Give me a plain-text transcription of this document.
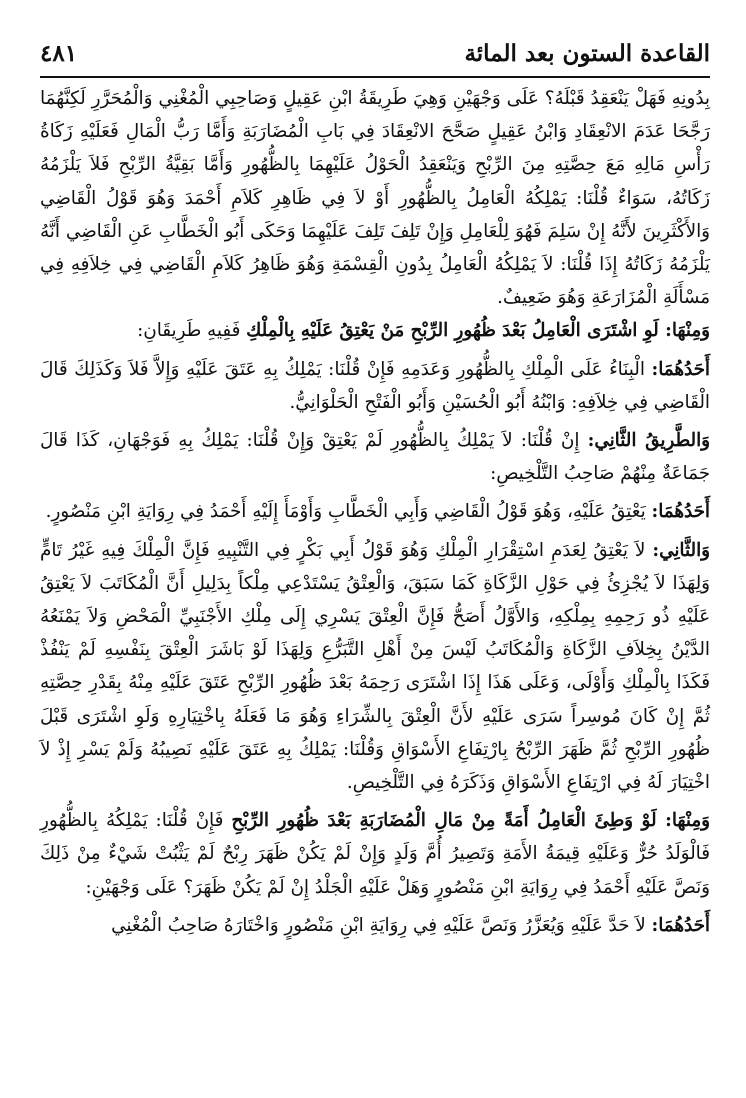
القاعدة الستون بعد المائة
٤٨١

بِدُونِهِ فَهَلْ يَنْعَقِدُ قَبْلَهُ؟ عَلَى وَجْهَيْنِ وَهِيَ طَرِيقَةُ ابْنِ عَقِيلٍ وَصَاحِبِي الْمُغْنِي وَالْمُحَرَّرِ لَكِنَّهُمَا رَجَّحَا عَدَمَ الانْعِقَادِ وَابْنُ عَقِيلٍ صَحَّحَ الانْعِقَادَ فِي بَابِ الْمُضَارَبَةِ وَأَمَّا رَبُّ الْمَالِ فَعَلَيْهِ زَكَاةُ رَأْسِ مَالِهِ مَعَ حِصَّتِهِ مِنَ الرِّبْحِ وَيَنْعَقِدُ الْحَوْلُ عَلَيْهِمَا بِالظُّهُورِ وَأَمَّا بَقِيَّةُ الرِّبْحِ فَلاَ يَلْزَمُهُ زَكَاتُهُ، سَوَاءٌ قُلْنَا: يَمْلِكُهُ الْعَامِلُ بِالظُّهُورِ أَوْ لاَ فِي ظَاهِرِ كَلاَمِ أَحْمَدَ وَهُوَ قَوْلُ الْقَاضِي وَالأَكْثَرِينَ لأَنَّهُ إِنْ سَلِمَ فَهُوَ لِلْعَامِلِ وَإِنْ تَلِفَ تَلِفَ عَلَيْهِمَا وَحَكَى أَبُو الْخَطَّابِ عَنِ الْقَاضِي أَنَّهُ يَلْزَمُهُ زَكَاتُهُ إِذَا قُلْنَا: لاَ يَمْلِكُهُ الْعَامِلُ بِدُونِ الْقِسْمَةِ وَهُوَ ظَاهِرُ كَلاَمِ الْقَاضِي فِي خِلاَفِهِ فِي مَسْأَلَةِ الْمُزَارَعَةِ وَهُوَ ضَعِيفٌ.

وَمِنْهَا: لَوِ اشْتَرَى الْعَامِلُ بَعْدَ ظُهُورِ الرِّبْحِ مَنْ يَعْتِقُ عَلَيْهِ بِالْمِلْكِ فَفِيهِ طَرِيقَانِ:

أَحَدُهُمَا: الْبِنَاءُ عَلَى الْمِلْكِ بِالظُّهُورِ وَعَدَمِهِ فَإِنْ قُلْنَا: يَمْلِكُ بِهِ عَتَقَ عَلَيْهِ وَإِلاَّ فَلاَ وَكَذَلِكَ قَالَ الْقَاضِي فِي خِلاَفِهِ: وَابْنُهُ أَبُو الْحُسَيْنِ وَأَبُو الْفَتْحِ الْحَلْوَانِيُّ.

وَالطَّرِيقُ الثَّانِي: إِنْ قُلْنَا: لاَ يَمْلِكُ بِالظُّهُورِ لَمْ يَعْتِقْ وَإِنْ قُلْنَا: يَمْلِكُ بِهِ فَوَجْهَانِ، كَذَا قَالَ جَمَاعَةٌ مِنْهُمْ صَاحِبُ التَّلْخِيصِ:

أَحَدُهُمَا: يَعْتِقُ عَلَيْهِ، وَهُوَ قَوْلُ الْقَاضِي وَأَبِي الْخَطَّابِ وَأَوْمَأَ إِلَيْهِ أَحْمَدُ فِي رِوَايَةِ ابْنِ مَنْصُورٍ.

وَالثَّانِي: لاَ يَعْتِقُ لِعَدَمِ اسْتِقْرَارِ الْمِلْكِ وَهُوَ قَوْلُ أَبِي بَكْرٍ فِي التَّنْبِيهِ فَإِنَّ الْمِلْكَ فِيهِ غَيْرُ تَامٍّ وَلِهَذَا لاَ يُجْزِئُ فِي حَوْلِ الزَّكَاةِ كَمَا سَبَقَ، وَالْعِتْقُ يَسْتَدْعِي مِلْكاً بِدَلِيلِ أَنَّ الْمُكَاتَبَ لاَ يَعْتِقُ عَلَيْهِ ذُو رَحِمِهِ بِمِلْكِهِ، وَالأَوَّلُ أَصَحُّ فَإِنَّ الْعِتْقَ يَسْرِي إِلَى مِلْكِ الأَجْنَبِيِّ الْمَحْضِ وَلاَ يَمْنَعُهُ الدَّيْنُ بِخِلاَفِ الزَّكَاةِ وَالْمُكَاتَبُ لَيْسَ مِنْ أَهْلِ التَّبَرُّعِ وَلِهَذَا لَوْ بَاشَرَ الْعِتْقَ بِنَفْسِهِ لَمْ يَنْفُذْ فَكَذَا بِالْمِلْكِ وَأَوْلَى، وَعَلَى هَذَا إِذَا اشْتَرَى رَحِمَهُ بَعْدَ ظُهُورِ الرِّبْحِ عَتَقَ عَلَيْهِ مِنْهُ بِقَدْرِ حِصَّتِهِ ثُمَّ إِنْ كَانَ مُوسِراً سَرَى عَلَيْهِ لأَنَّ الْعِتْقَ بِالشِّرَاءِ وَهُوَ مَا فَعَلَهُ بِاخْتِيَارِهِ وَلَوِ اشْتَرَى قَبْلَ ظُهُورِ الرِّبْحِ ثُمَّ ظَهَرَ الرِّبْحُ بِارْتِفَاعِ الأَسْوَاقِ وَقُلْنَا: يَمْلِكُ بِهِ عَتَقَ عَلَيْهِ نَصِيبُهُ وَلَمْ يَسْرِ إِذْ لاَ اخْتِيَارَ لَهُ فِي ارْتِفَاعِ الأَسْوَاقِ وَذَكَرَهُ فِي التَّلْخِيصِ.

وَمِنْهَا: لَوْ وَطِئَ الْعَامِلُ أَمَةً مِنْ مَالِ الْمُضَارَبَةِ بَعْدَ ظُهُورِ الرِّبْحِ فَإِنْ قُلْنَا: يَمْلِكُهُ بِالظُّهُورِ فَالْوَلَدُ حُرٌّ وَعَلَيْهِ قِيمَةُ الأَمَةِ وَتَصِيرُ أُمَّ وَلَدٍ وَإِنْ لَمْ يَكُنْ ظَهَرَ رِبْحٌ لَمْ يَثْبُتْ شَيْءٌ مِنْ ذَلِكَ وَنَصَّ عَلَيْهِ أَحْمَدُ فِي رِوَايَةِ ابْنِ مَنْصُورٍ وَهَلْ عَلَيْهِ الْجَلْدُ إِنْ لَمْ يَكُنْ ظَهَرَ؟ عَلَى وَجْهَيْنِ:

أَحَدُهُمَا: لاَ حَدَّ عَلَيْهِ وَيُعَزَّرُ وَنَصَّ عَلَيْهِ فِي رِوَايَةِ ابْنِ مَنْصُورٍ وَاخْتَارَهُ صَاحِبُ الْمُغْنِي
